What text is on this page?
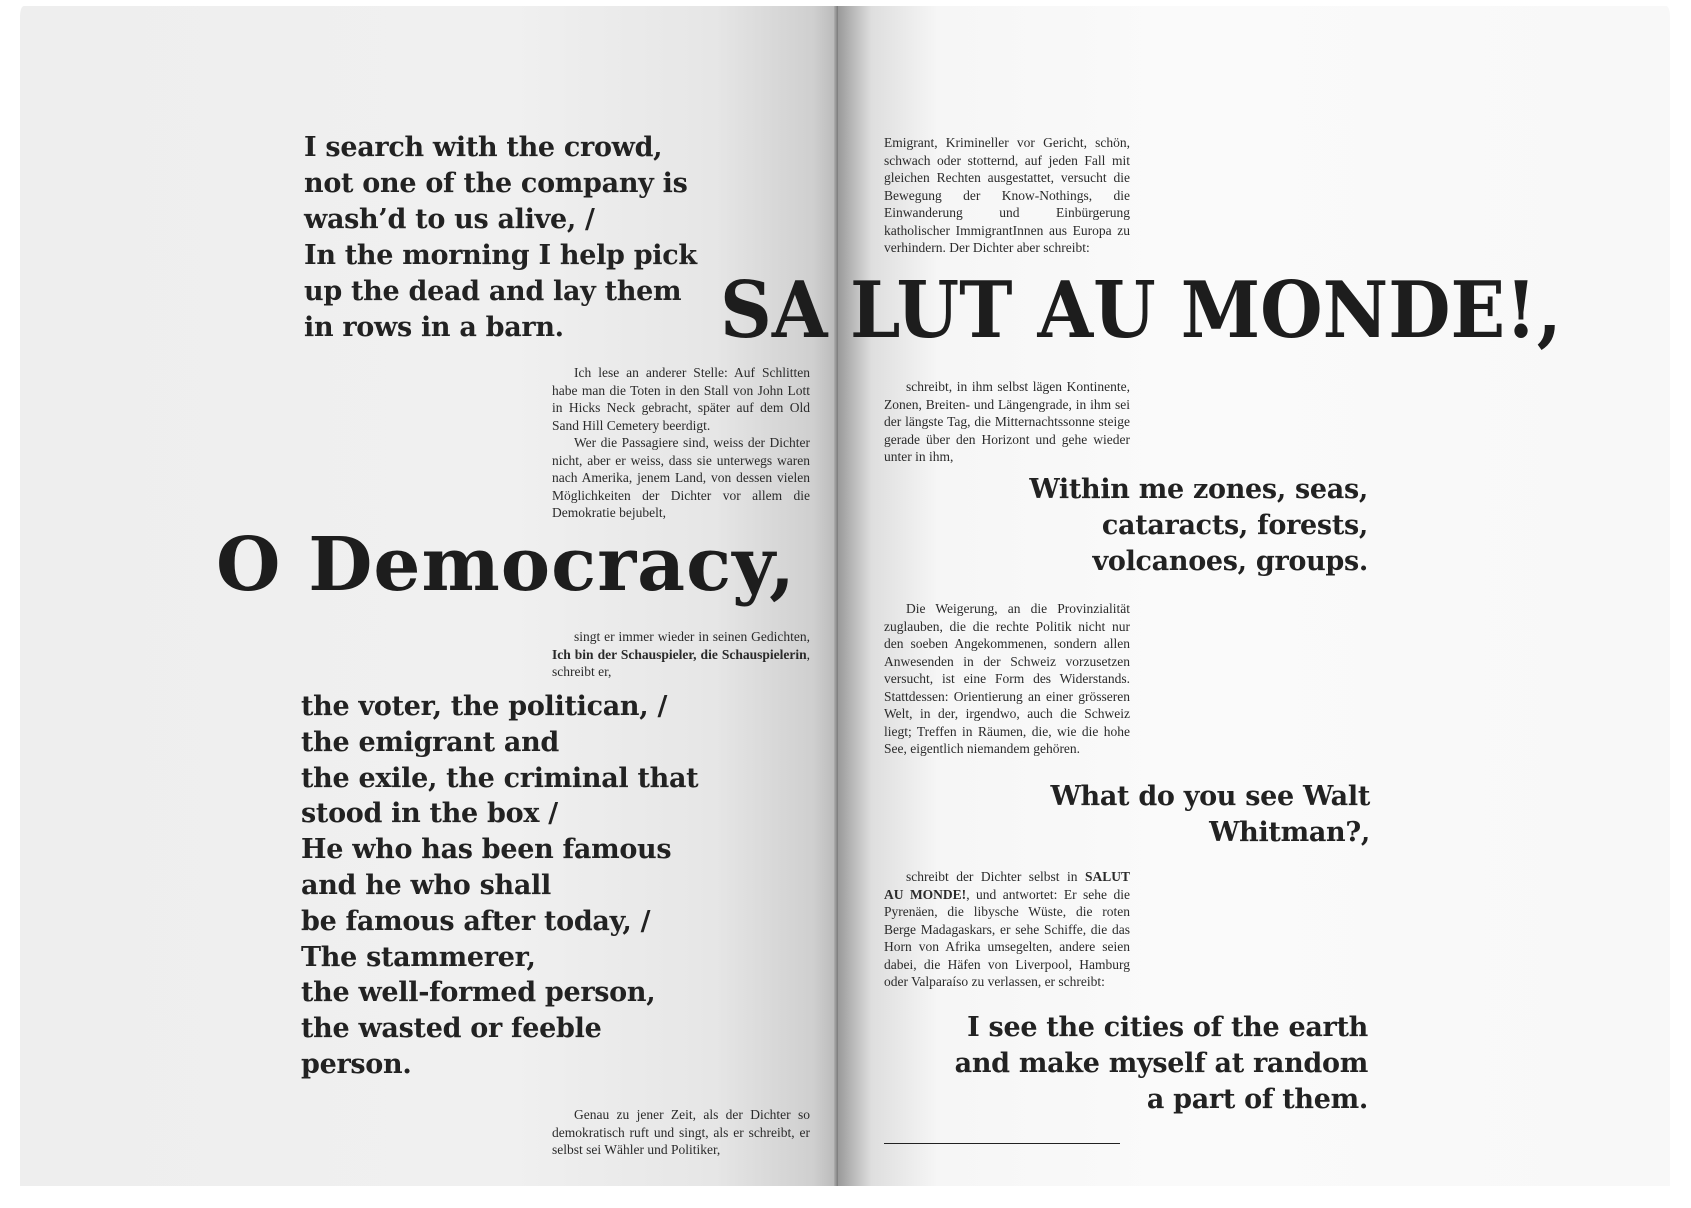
I search with the crowd,
not one of the company is
wash’d to us alive, /
In the morning I help pick
up the dead and lay them
in rows in a barn.

Ich lese an anderer Stelle: Auf Schlitten habe man die Toten in den Stall von John Lott in Hicks Neck gebracht, später auf dem Old Sand Hill Cemetery beerdigt.

Wer die Passagiere sind, weiss der Dichter nicht, aber er weiss, dass sie unterwegs waren nach Amerika, jenem Land, von dessen vielen Möglichkeiten der Dichter vor allem die Demokratie bejubelt,

O Democracy,

singt er immer wieder in seinen Gedichten, Ich bin der Schauspieler, die Schauspielerin, schreibt er,

the voter, the politican, /
the emigrant and
the exile, the criminal that
stood in the box /
He who has been famous
and he who shall
be famous after today, /
The stammerer,
the well-formed person,
the wasted or feeble
person.

Genau zu jener Zeit, als der Dichter so demokratisch ruft und singt, als er schreibt, er selbst sei Wähler und Politiker,

SA

Emigrant, Krimineller vor Gericht, schön, schwach oder stotternd, auf jeden Fall mit gleichen Rechten ausgestattet, versucht die Bewegung der Know-Nothings, die Einwanderung und Einbürgerung katholischer ImmigrantInnen aus Europa zu verhindern. Der Dichter aber schreibt:

LUT AU MONDE!,

schreibt, in ihm selbst lägen Kontinente, Zonen, Breiten- und Längengrade, in ihm sei der längste Tag, die Mitternachtssonne steige gerade über den Horizont und gehe wieder unter in ihm,

Within me zones, seas,
cataracts, forests,
volcanoes, groups.

Die Weigerung, an die Provinzialität zuglauben, die die rechte Politik nicht nur den soeben Angekommenen, sondern allen Anwesenden in der Schweiz vorzusetzen versucht, ist eine Form des Widerstands. Stattdessen: Orientierung an einer grösseren Welt, in der, irgendwo, auch die Schweiz liegt; Treffen in Räumen, die, wie die hohe See, eigentlich niemandem gehören.

What do you see Walt
Whitman?,

schreibt der Dichter selbst in SALUT AU MONDE!, und antwortet: Er sehe die Pyrenäen, die libysche Wüste, die roten Berge Madagaskars, er sehe Schiffe, die das Horn von Afrika umsegelten, andere seien dabei, die Häfen von Liverpool, Hamburg oder Valparaíso zu verlassen, er schreibt:

I see the cities of the earth
and make myself at random
a part of them.
